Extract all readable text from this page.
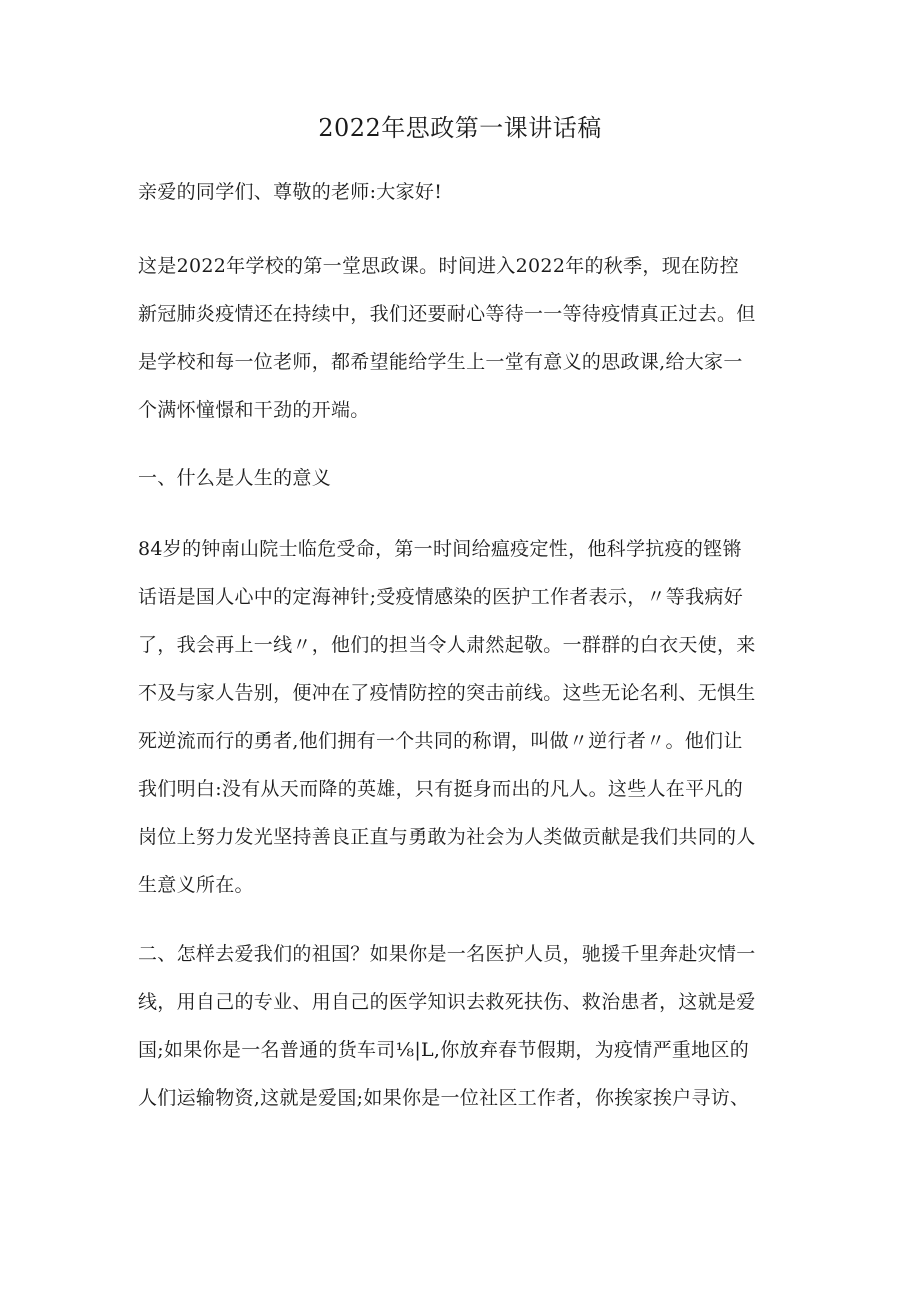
2022年思政第一课讲话稿

亲爱的同学们、尊敬的老师:大家好!

这是2022年学校的第一堂思政课。时间进入2022年的秋季，现在防控
新冠肺炎疫情还在持续中，我们还要耐心等待一一等待疫情真正过去。但
是学校和每一位老师，都希望能给学生上一堂有意义的思政课,给大家一
个满怀憧憬和干劲的开端。

一、什么是人生的意义

84岁的钟南山院士临危受命，第一时间给瘟疫定性，他科学抗疫的铿锵
话语是国人心中的定海神针;受疫情感染的医护工作者表示，〃等我病好
了，我会再上一线〃，他们的担当令人肃然起敬。一群群的白衣天使，来
不及与家人告别，便冲在了疫情防控的突击前线。这些无论名利、无惧生
死逆流而行的勇者,他们拥有一个共同的称谓，叫做〃逆行者〃。他们让
我们明白:没有从天而降的英雄，只有挺身而出的凡人。这些人在平凡的
岗位上努力发光坚持善良正直与勇敢为社会为人类做贡献是我们共同的人
生意义所在。

二、怎样去爱我们的祖国？如果你是一名医护人员，驰援千里奔赴灾情一
线，用自己的专业、用自己的医学知识去救死扶伤、救治患者，这就是爱
国;如果你是一名普通的货车司⅛|L,你放弃春节假期，为疫情严重地区的
人们运输物资,这就是爱国;如果你是一位社区工作者，你挨家挨户寻访、
